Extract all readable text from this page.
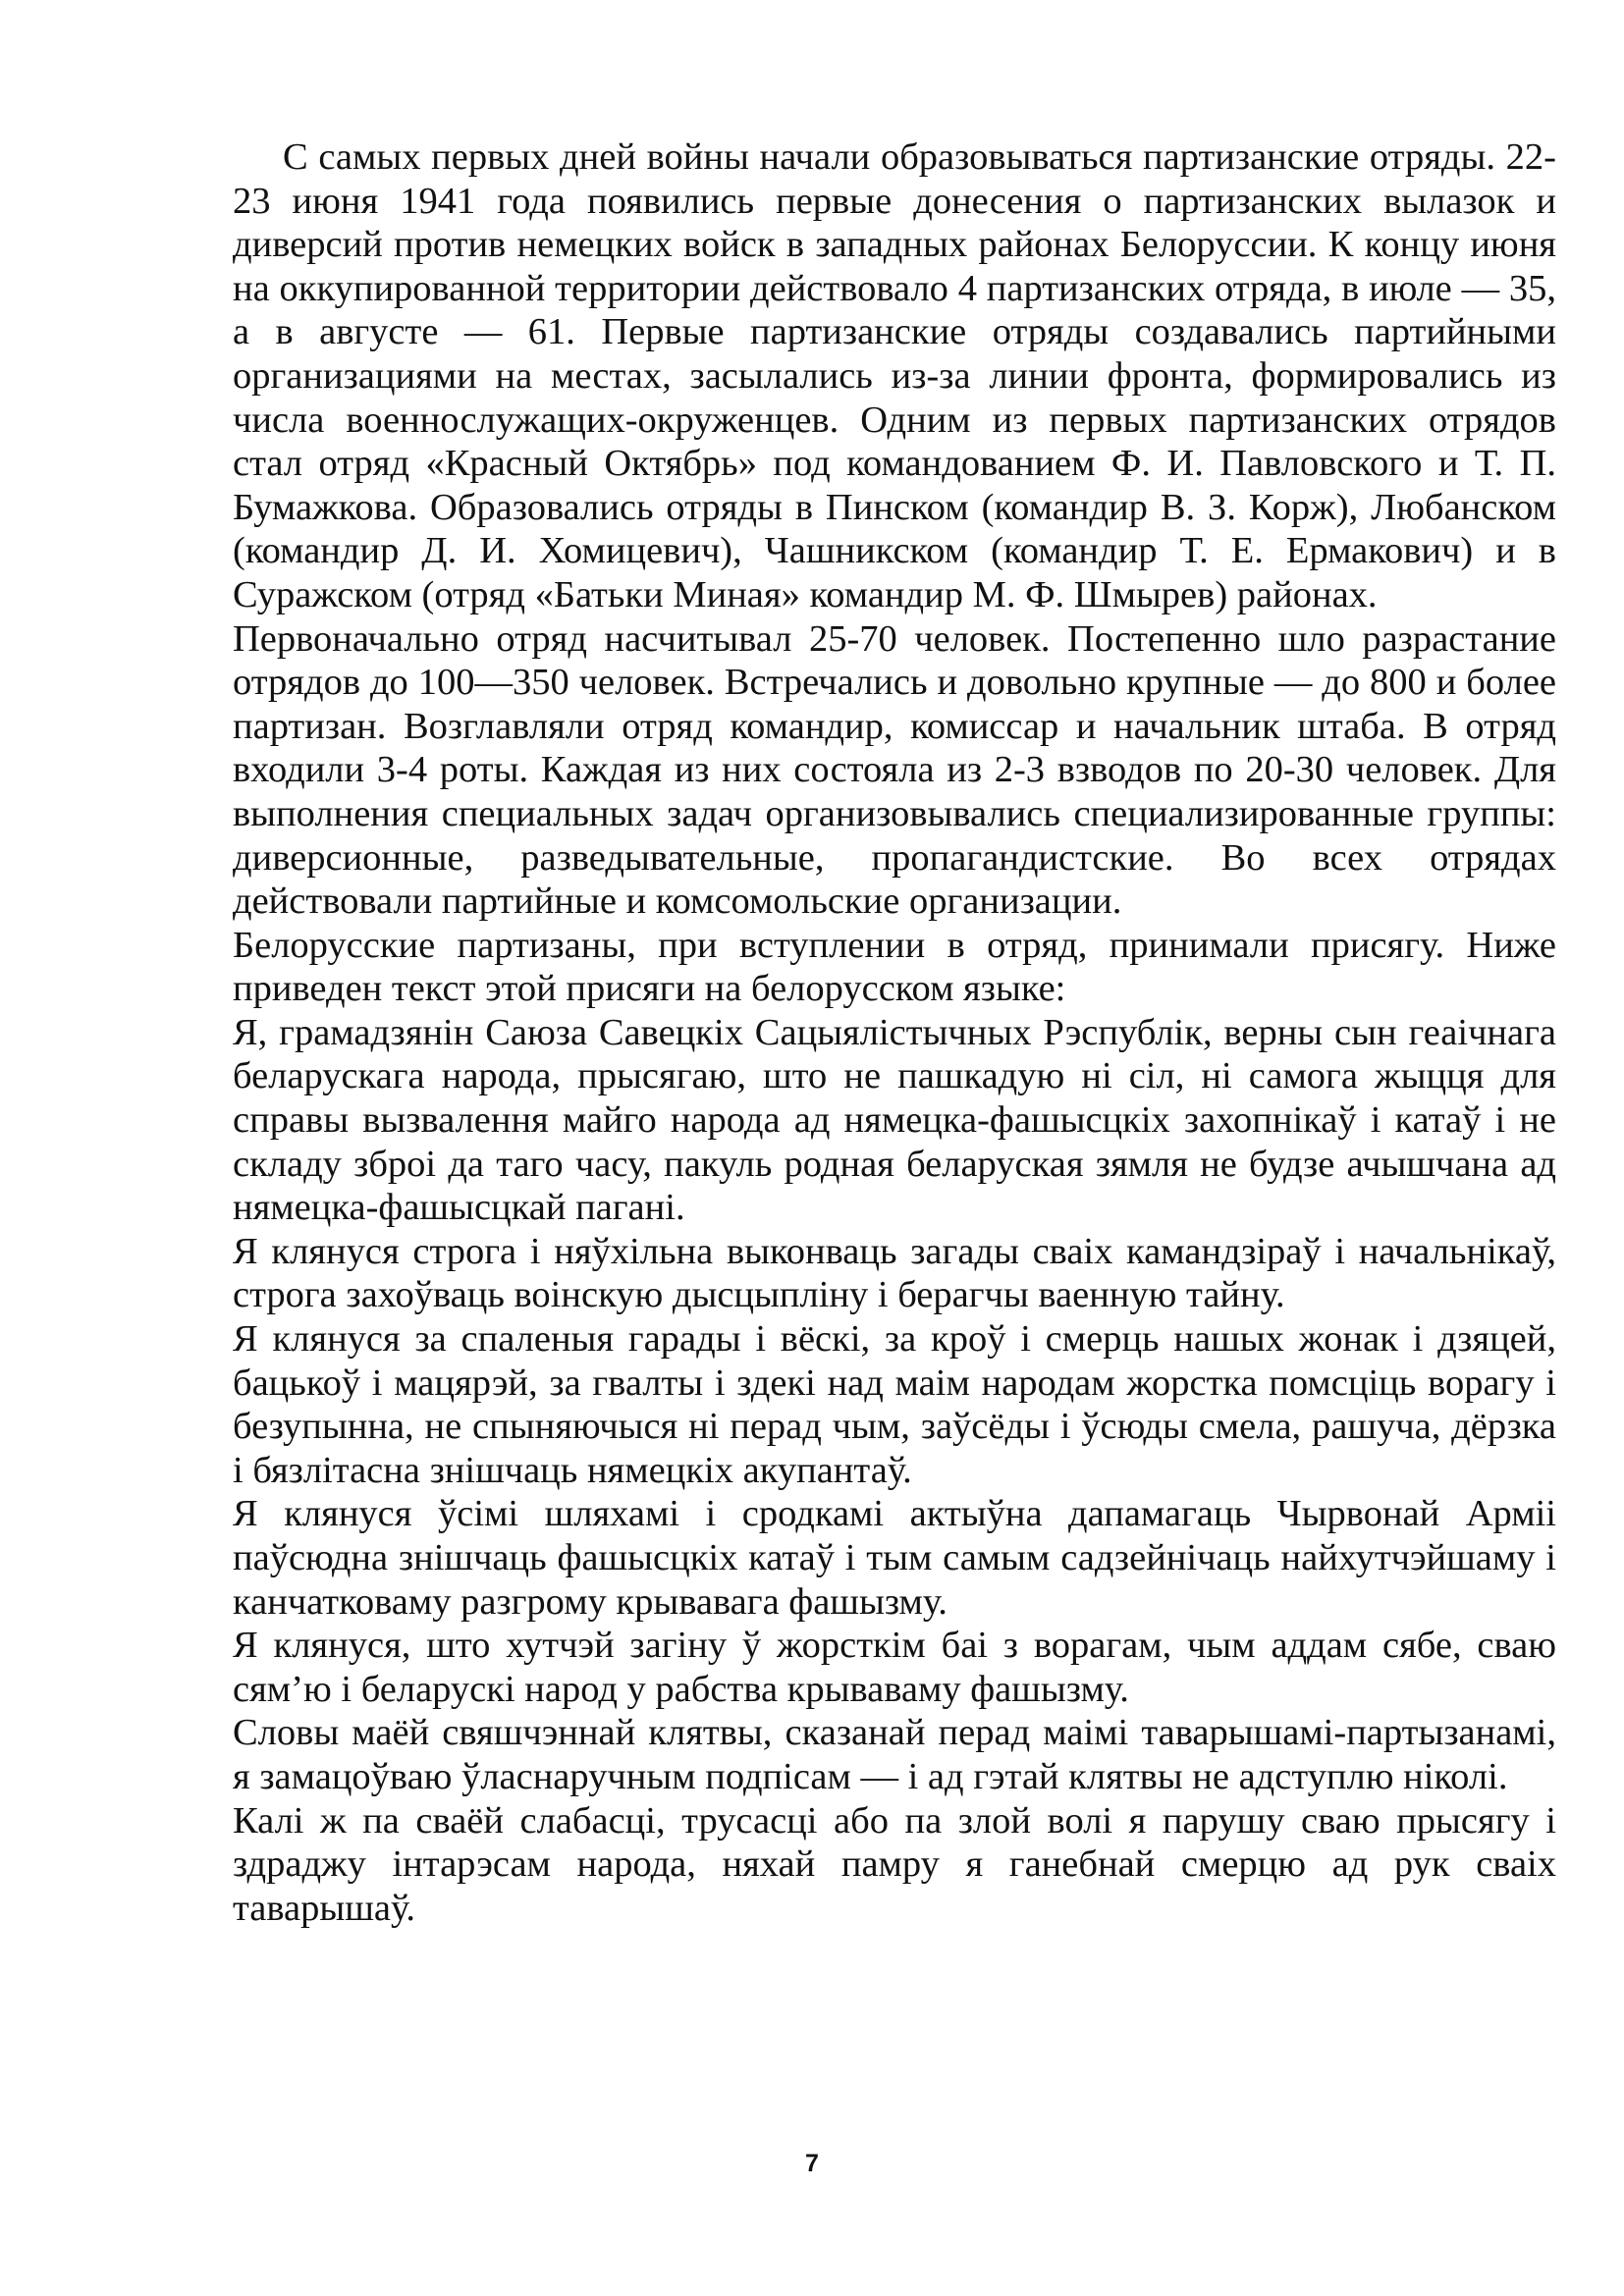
С самых первых дней войны начали образовываться партизанские отряды. 22-23 июня 1941 года появились первые донесения о партизанских вылазок и диверсий против немецких войск в западных районах Белоруссии. К концу июня на оккупированной территории действовало 4 партизанских отряда, в июле — 35, а в августе — 61. Первые партизанские отряды создавались партийными организациями на местах, засылались из-за линии фронта, формировались из числа военнослужащих-окруженцев. Одним из первых партизанских отрядов стал отряд «Красный Октябрь» под командованием Ф. И. Павловского и Т. П. Бумажкова. Образовались отряды в Пинском (командир В. З. Корж), Любанском (командир Д. И. Хомицевич), Чашникском (командир Т. Е. Ермакович) и в Суражском (отряд «Батьки Миная» командир М. Ф. Шмырев) районах.

Первоначально отряд насчитывал 25-70 человек. Постепенно шло разрастание отрядов до 100—350 человек. Встречались и довольно крупные — до 800 и более партизан. Возглавляли отряд командир, комиссар и начальник штаба. В отряд входили 3-4 роты. Каждая из них состояла из 2-3 взводов по 20-30 человек. Для выполнения специальных задач организовывались специализированные группы: диверсионные, разведывательные, пропагандистские. Во всех отрядах действовали партийные и комсомольские организации.

Белорусские партизаны, при вступлении в отряд, принимали присягу. Ниже приведен текст этой присяги на белорусском языке:

Я, грамадзянін Саюза Савецкіх Сацыялістычных Рэспублік, верны сын геаічнага беларускага народа, прысягаю, што не пашкадую ні сіл, ні самога жыцця для справы вызвалення майго народа ад нямецка-фашысцкіх захопнікаў і катаў і не складу зброі да таго часу, пакуль родная беларуская зямля не будзе ачышчана ад нямецка-фашысцкай пагані.

Я клянуся строга і няўхільна выконваць загады сваіх камандзіраў і начальнікаў, строга захоўваць воінскую дысцыпліну і берагчы ваенную тайну.

Я клянуся за спаленыя гарады і вёскі, за кроў і смерць нашых жонак і дзяцей, бацькоў і мацярэй, за гвалты і здекі над маім народам жорстка помсціць ворагу і безупынна, не спыняючыся ні перад чым, заўсёды і ўсюды смела, рашуча, дёрзка і бязлітасна знішчаць нямецкіх акупантаў.

Я клянуся ўсімі шляхамі і сродкамі актыўна дапамагаць Чырвонай Арміі паўсюдна знішчаць фашысцкіх катаў і тым самым садзейнічаць найхутчэйшаму і канчатковаму разгрому крывавага фашызму.

Я клянуся, што хутчэй загіну ў жорсткім баі з ворагам, чым аддам сябе, сваю сям’ю і беларускі народ у рабства крываваму фашызму.

Словы маёй свяшчэннай клятвы, сказанай перад маімі таварышамі-партызанамі, я замацоўваю ўласнаручным подпісам — і ад гэтай клятвы не адступлю ніколі.

Калі ж па сваёй слабасці, трусасці або па злой волі я парушу сваю прысягу і здраджу інтарэсам народа, няхай памру я ганебнай смерцю ад рук сваіх таварышаў.

7
